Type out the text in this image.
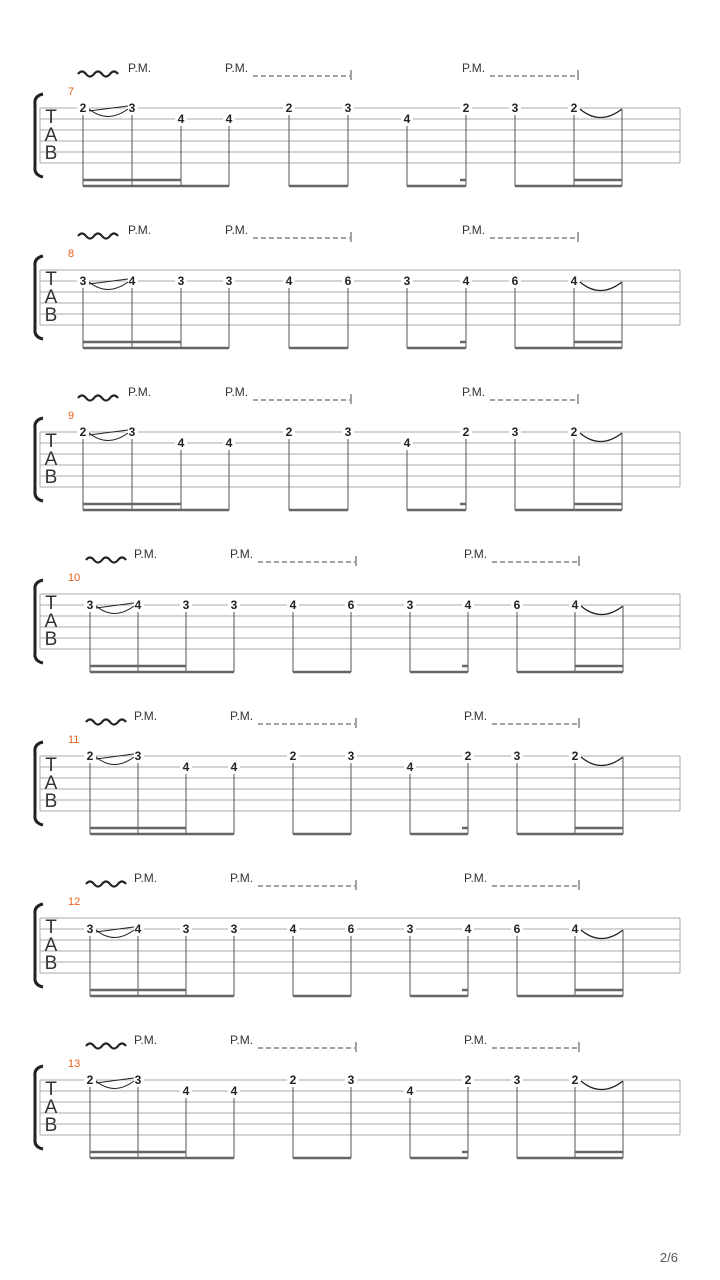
P.M.	P.M.	P.M.
7
T
A
B
2	3
4	4
2	3
4
2	3	2
P.M.	P.M.	P.M.
8
T
A
B
3	4	3	3	4	6	3	4	6	4
P.M.	P.M.	P.M.
9
T
A
B
2	3
4	4
2	3
4
2	3	2
P.M.	P.M.	P.M.
10
T
A
B
3	4	3	3	4	6	3	4	6	4
P.M.	P.M.	P.M.
11
T
A
B
2	3
4	4
2	3
4
2	3	2
P.M.	P.M.	P.M.
12
T
A
B
3	4	3	3	4	6	3	4	6	4
P.M.	P.M.	P.M.
13
T
A
B
2	3
4	4
2	3
4
2	3	2
2/6
